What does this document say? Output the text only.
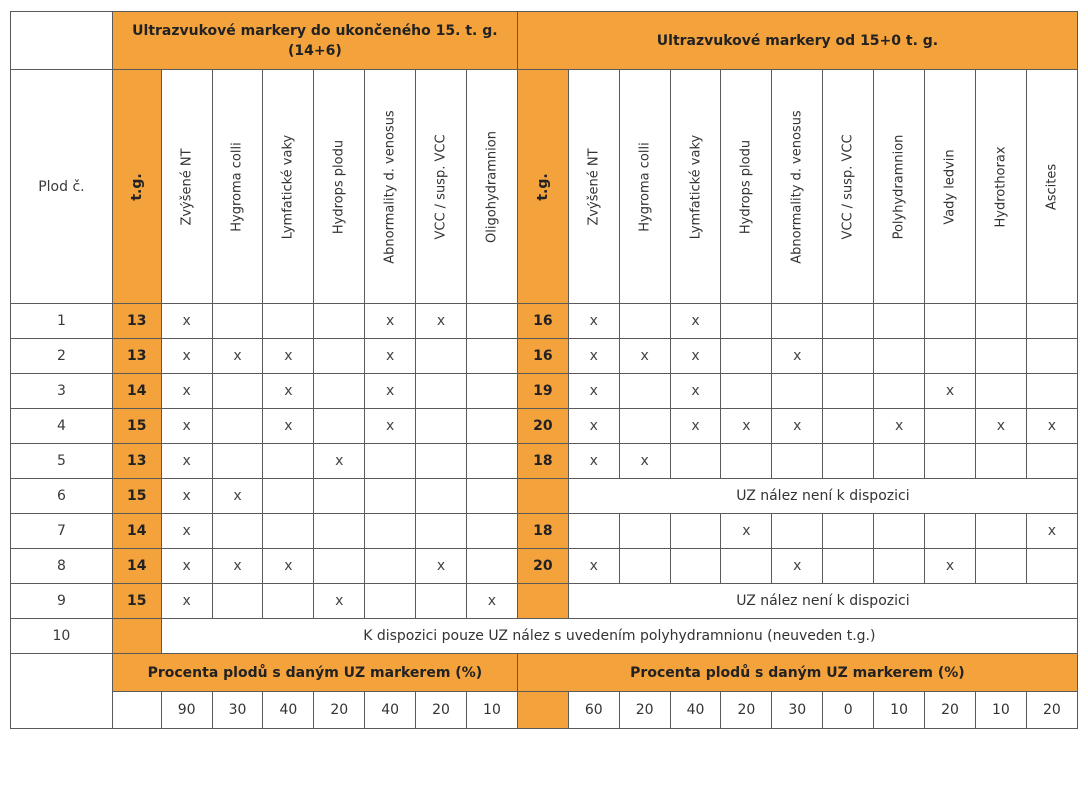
	Ultrazvukové markery do ukončeného 15. t. g. (14+6)								Ultrazvukové markery od 15+0 t. g.										
Plod č.	t.g.	Zvýšené NT	Hygroma colli	Lymfatické vaky	Hydrops plodu	Abnormality d. venosus	VCC / susp. VCC	Oligohydramnion	t.g.	Zvýšené NT	Hygroma colli	Lymfatické vaky	Hydrops plodu	Abnormality d. venosus	VCC / susp. VCC	Polyhydramnion	Vady ledvin	Hydrothorax	Ascites

1	13	x				x	x		16	x		x							
2	13	x	x	x		x			16	x	x	x		x					
3	14	x		x		x			19	x		x					x		
4	15	x		x		x			20	x		x	x	x		x		x	x
5	13	x			x				18	x	x								
6	15	x	x							UZ nález není k dispozici									
7	14	x							18				x						x
8	14	x	x	x			x		20	x				x			x		
9	15	x			x			x		UZ nález není k dispozici									
10		K dispozici pouze UZ nález s uvedením polyhydramnionu (neuveden t.g.)																	
	Procenta plodů s daným UZ markerem (%)								Procenta plodů s daným UZ markerem (%)										
		90	30	40	20	40	20	10		60	20	40	20	30	0	10	20	10	20
